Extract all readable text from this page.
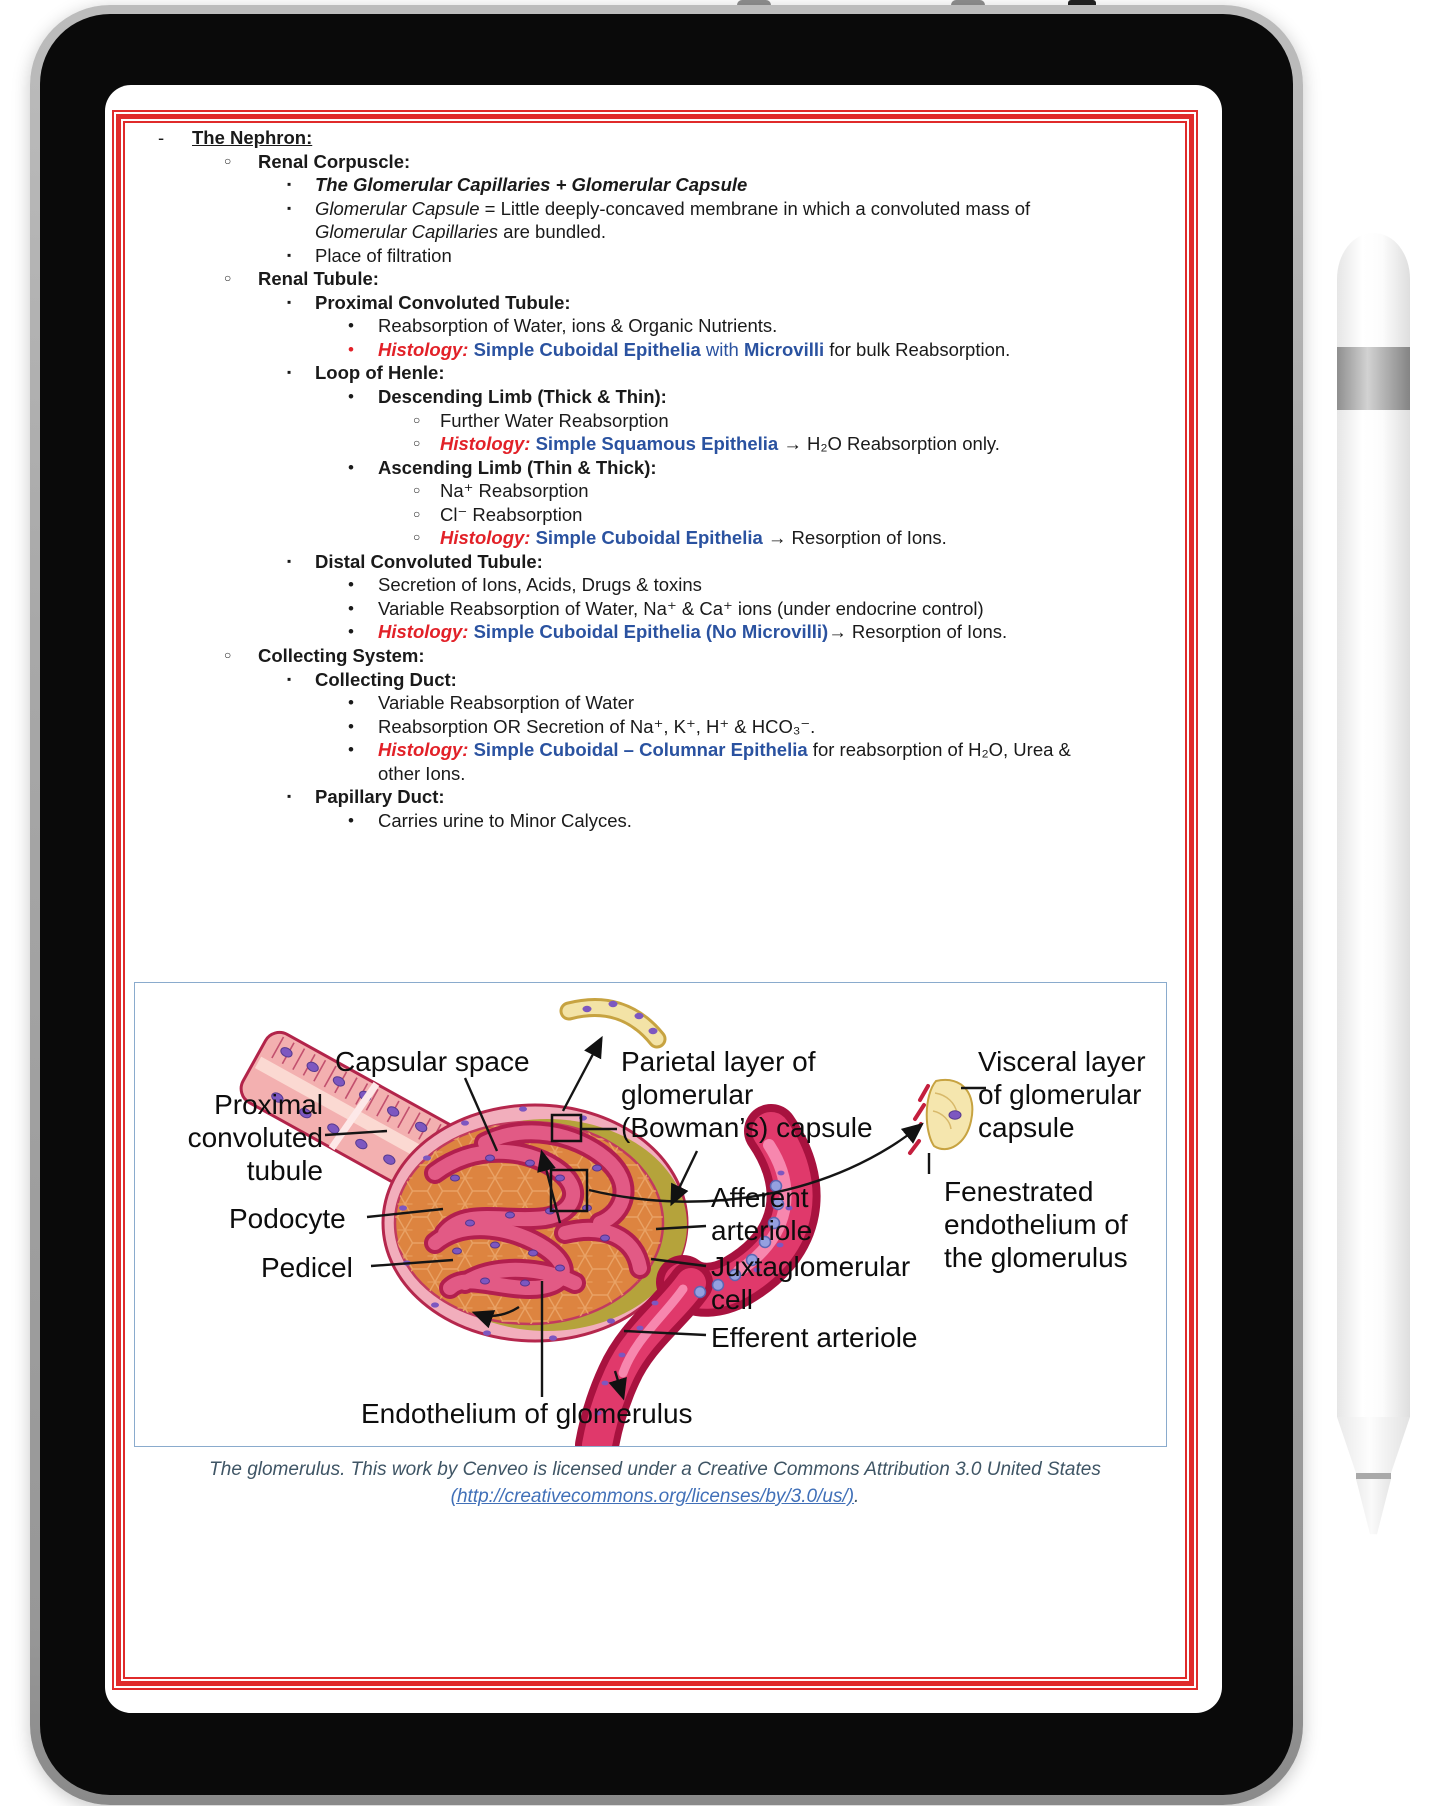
-	The Nephron:
○	Renal Corpuscle:
▪	The Glomerular Capillaries + Glomerular Capsule
▪	Glomerular Capsule = Little deeply-concaved membrane in which a convoluted mass of
Glomerular Capillaries are bundled.
▪	Place of filtration
○	Renal Tubule:
▪	Proximal Convoluted Tubule:
•	Reabsorption of Water, ions & Organic Nutrients.
•	Histology: Simple Cuboidal Epithelia with Microvilli for bulk Reabsorption.
▪	Loop of Henle:
•	Descending Limb (Thick & Thin):
○	Further Water Reabsorption
○	Histology: Simple Squamous Epithelia → H₂O Reabsorption only.
•	Ascending Limb (Thin & Thick):
○	Na⁺ Reabsorption
○	Cl⁻ Reabsorption
○	Histology: Simple Cuboidal Epithelia → Resorption of Ions.
▪	Distal Convoluted Tubule:
•	Secretion of Ions, Acids, Drugs & toxins
•	Variable Reabsorption of Water, Na⁺ & Ca⁺ ions (under endocrine control)
•	Histology: Simple Cuboidal Epithelia (No Microvilli) → Resorption of Ions.
○	Collecting System:
▪	Collecting Duct:
•	Variable Reabsorption of Water
•	Reabsorption OR Secretion of Na⁺, K⁺, H⁺ & HCO₃⁻.
•	Histology: Simple Cuboidal – Columnar Epithelia for reabsorption of H₂O, Urea &
other Ions.
▪	Papillary Duct:
•	Carries urine to Minor Calyces.
Capsular space	Parietal layer of
glomerular
(Bowman’s) capsule
Visceral layer
of glomerular
capsule
Proximal
convoluted
tubule
Podocyte
Pedicel
Afferent
arteriole
Juxtaglomerular
cell
Fenestrated
endothelium of
the glomerulus
Efferent arteriole
Endothelium of glomerulus
The glomerulus. This work by Cenveo is licensed under a Creative Commons Attribution 3.0 United States
(http://creativecommons.org/licenses/by/3.0/us/).
